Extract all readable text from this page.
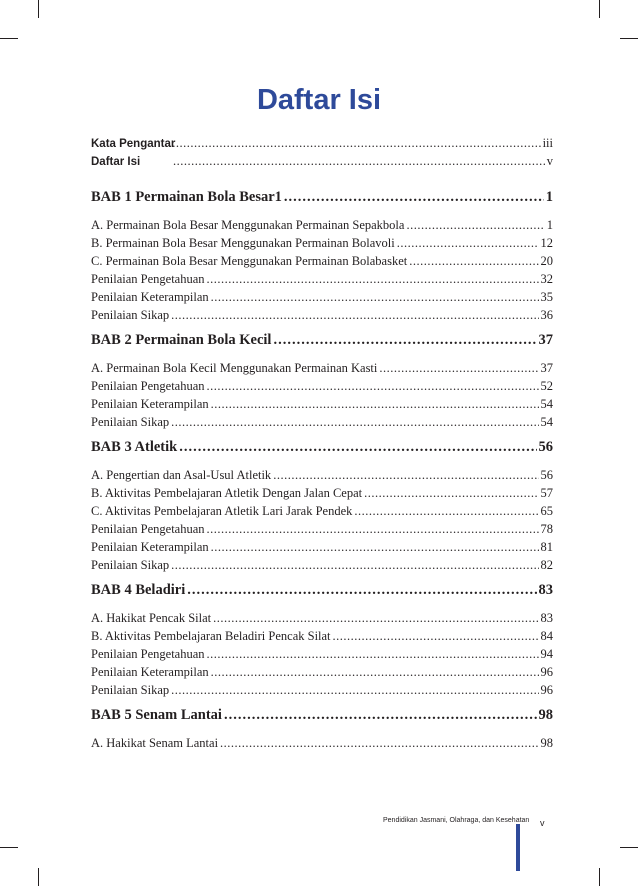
Daftar Isi
Kata Pengantar .....	iii
Daftar Isi .....	v
BAB 1 Permainan Bola Besar1 .....	1
A. Permainan Bola Besar Menggunakan Permainan Sepakbola .....	1
B. Permainan Bola Besar Menggunakan Permainan Bolavoli .....	12
C. Permainan Bola Besar Menggunakan Permainan Bolabasket .....	20
Penilaian Pengetahuan .....	32
Penilaian Keterampilan .....	35
Penilaian Sikap .....	36
BAB 2 Permainan Bola Kecil .....	37
A. Permainan Bola Kecil Menggunakan Permainan Kasti .....	37
Penilaian Pengetahuan .....	52
Penilaian Keterampilan .....	54
Penilaian Sikap .....	54
BAB 3 Atletik .....	56
A. Pengertian dan Asal-Usul Atletik .....	56
B. Aktivitas Pembelajaran Atletik Dengan Jalan Cepat .....	57
C. Aktivitas Pembelajaran Atletik Lari Jarak Pendek .....	65
Penilaian Pengetahuan .....	78
Penilaian Keterampilan .....	81
Penilaian Sikap .....	82
BAB 4 Beladiri .....	83
A. Hakikat Pencak Silat .....	83
B. Aktivitas Pembelajaran Beladiri Pencak Silat .....	84
Penilaian Pengetahuan .....	94
Penilaian Keterampilan .....	96
Penilaian Sikap .....	96
BAB 5 Senam Lantai .....	98
A. Hakikat Senam Lantai .....	98
Pendidikan Jasmani, Olahraga, dan Kesehatan v
